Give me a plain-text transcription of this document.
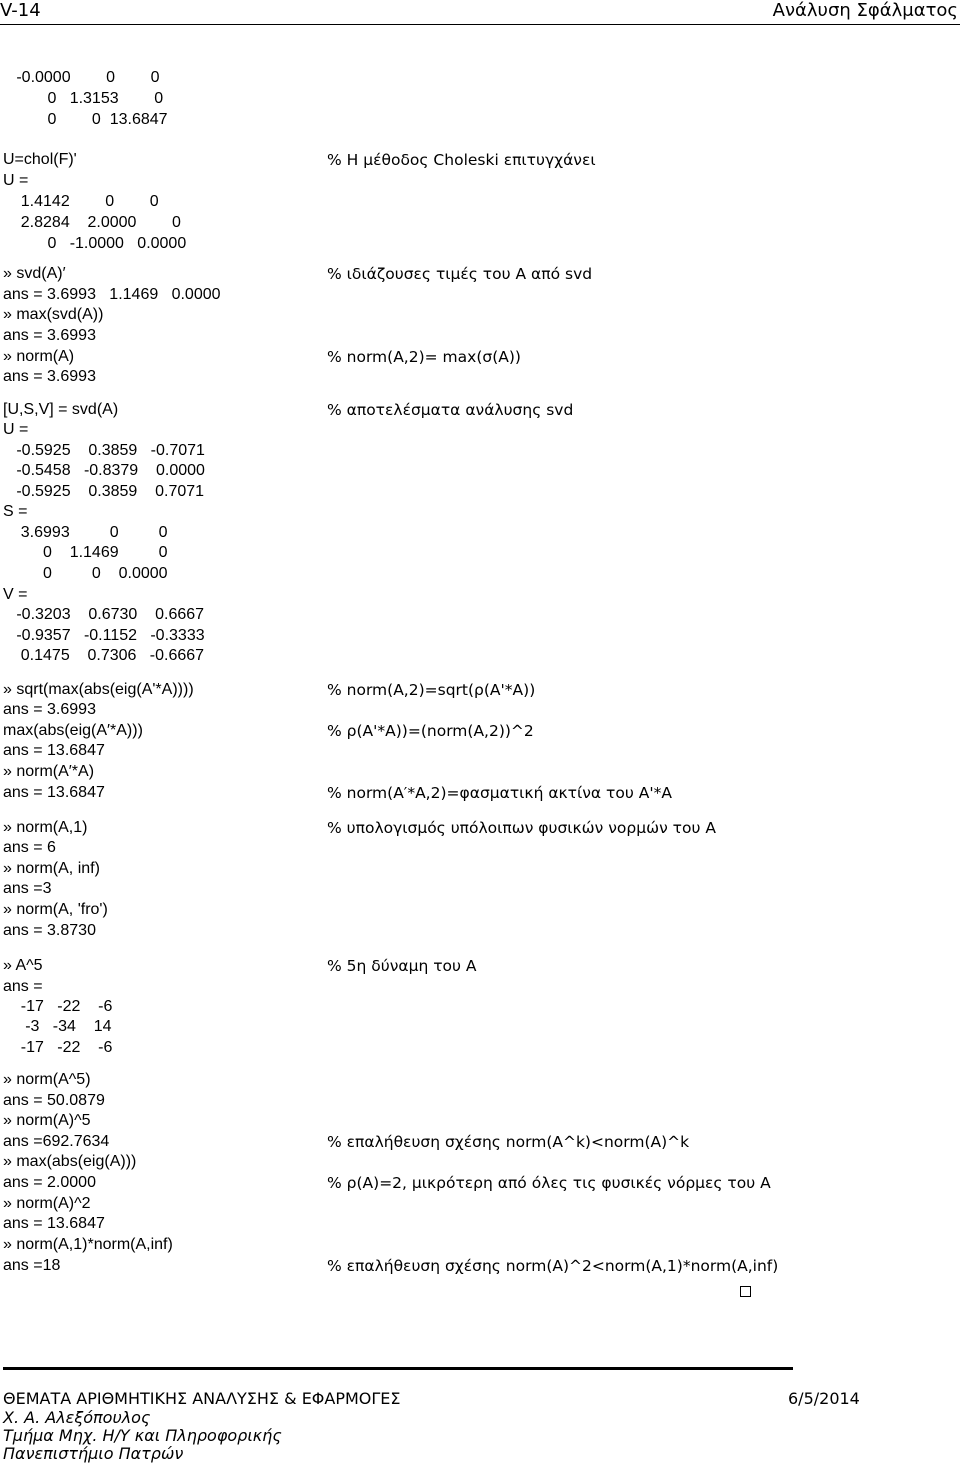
V-14	Ανάλυση Σφάλματος
-0.0000        0        0
0   1.3153        0
0        0  13.6847
U=chol(F)'
U =
1.4142        0        0
2.8284    2.0000        0
0   -1.0000   0.0000
» svd(A)′
ans = 3.6993   1.1469   0.0000
» max(svd(A))
ans = 3.6993
» norm(A)
ans = 3.6993
[U,S,V] = svd(A)
U =
-0.5925    0.3859   -0.7071
-0.5458   -0.8379    0.0000
-0.5925    0.3859    0.7071
S =
3.6993         0         0
0    1.1469         0
0         0    0.0000
V =
-0.3203    0.6730    0.6667
-0.9357   -0.1152   -0.3333
0.1475    0.7306   -0.6667
» sqrt(max(abs(eig(A'*A))))
ans = 3.6993
max(abs(eig(A′*A)))
ans = 13.6847
» norm(A′*A)
ans = 13.6847
» norm(A,1)
ans = 6
» norm(A, inf)
ans =3
» norm(A, 'fro')
ans = 3.8730
» A^5
ans =
-17   -22    -6
-3   -34    14
-17   -22    -6
» norm(A^5)
ans = 50.0879
» norm(A)^5
ans =692.7634
» max(abs(eig(A)))
ans = 2.0000
» norm(A)^2
ans = 13.6847
» norm(A,1)*norm(A,inf)
ans =18
% Η μέθοδος Choleski επιτυγχάνει
% ιδιάζουσες τιμές του A από svd
% norm(A,2)= max(σ(A))
% αποτελέσματα ανάλυσης svd
% norm(A,2)=sqrt(ρ(A'*A))
% ρ(A'*A))=(norm(A,2))^2
% norm(A′*A,2)=φασματική ακτίνα του A'*A
% υπολογισμός υπόλοιπων φυσικών νορμών του A
% 5η δύναμη του A
% επαλήθευση σχέσης norm(A^k)<norm(A)^k
% ρ(A)=2, μικρότερη από όλες τις φυσικές νόρμες του A
% επαλήθευση σχέσης norm(A)^2<norm(A,1)*norm(A,inf)
ΘΕΜΑΤΑ ΑΡΙΘΜΗΤΙΚΗΣ ΑΝΑΛΥΣΗΣ & ΕΦΑΡΜΟΓΕΣ	6/5/2014
Χ. Α. Αλεξόπουλος
Τμήμα Μηχ. Η/Υ και Πληροφορικής
Πανεπιστήμιο Πατρών
